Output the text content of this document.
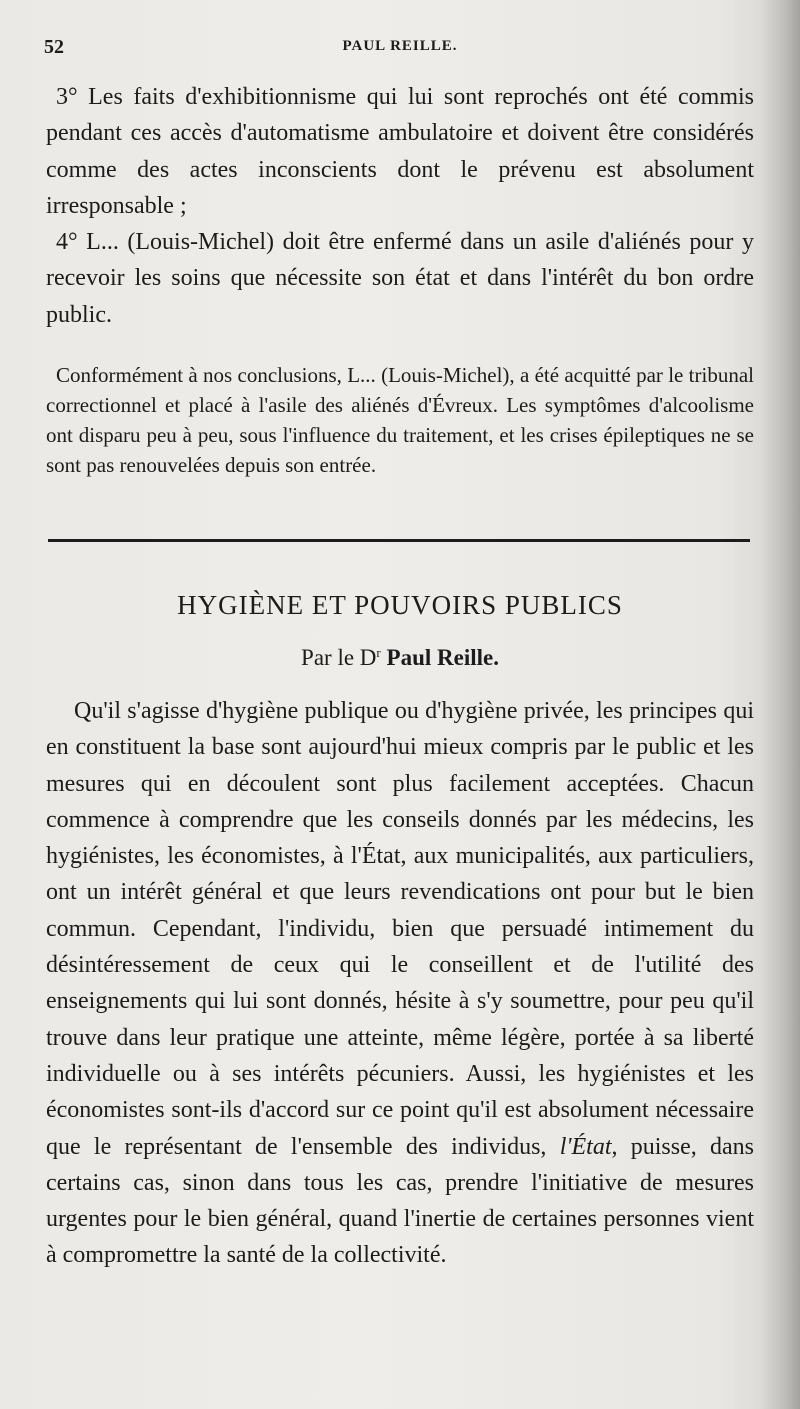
52	PAUL REILLE.

3° Les faits d'exhibitionnisme qui lui sont reprochés ont été commis pendant ces accès d'automatisme ambulatoire et doivent être considérés comme des actes inconscients dont le prévenu est absolument irresponsable ;

4° L... (Louis-Michel) doit être enfermé dans un asile d'aliénés pour y recevoir les soins que nécessite son état et dans l'intérêt du bon ordre public.

Conformément à nos conclusions, L... (Louis-Michel), a été acquitté par le tribunal correctionnel et placé à l'asile des aliénés d'Évreux. Les symptômes d'alcoolisme ont disparu peu à peu, sous l'influence du traitement, et les crises épileptiques ne se sont pas renouvelées depuis son entrée.

HYGIÈNE ET POUVOIRS PUBLICS
Par le $D^r$ Paul Reille.

Qu'il s'agisse d'hygiène publique ou d'hygiène privée, les principes qui en constituent la base sont aujourd'hui mieux compris par le public et les mesures qui en découlent sont plus facilement acceptées. Chacun commence à comprendre que les conseils donnés par les médecins, les hygiénistes, les économistes, à l'État, aux municipalités, aux particuliers, ont un intérêt général et que leurs revendications ont pour but le bien commun. Cependant, l'individu, bien que persuadé intimement du désintéressement de ceux qui le conseillent et de l'utilité des enseignements qui lui sont donnés, hésite à s'y soumettre, pour peu qu'il trouve dans leur pratique une atteinte, même légère, portée à sa liberté individuelle ou à ses intérêts pécuniers. Aussi, les hygiénistes et les économistes sont-ils d'accord sur ce point qu'il est absolument nécessaire que le représentant de l'ensemble des individus, l'État, puisse, dans certains cas, sinon dans tous les cas, prendre l'initiative de mesures urgentes pour le bien général, quand l'inertie de certaines personnes vient à compromettre la santé de la collectivité.
